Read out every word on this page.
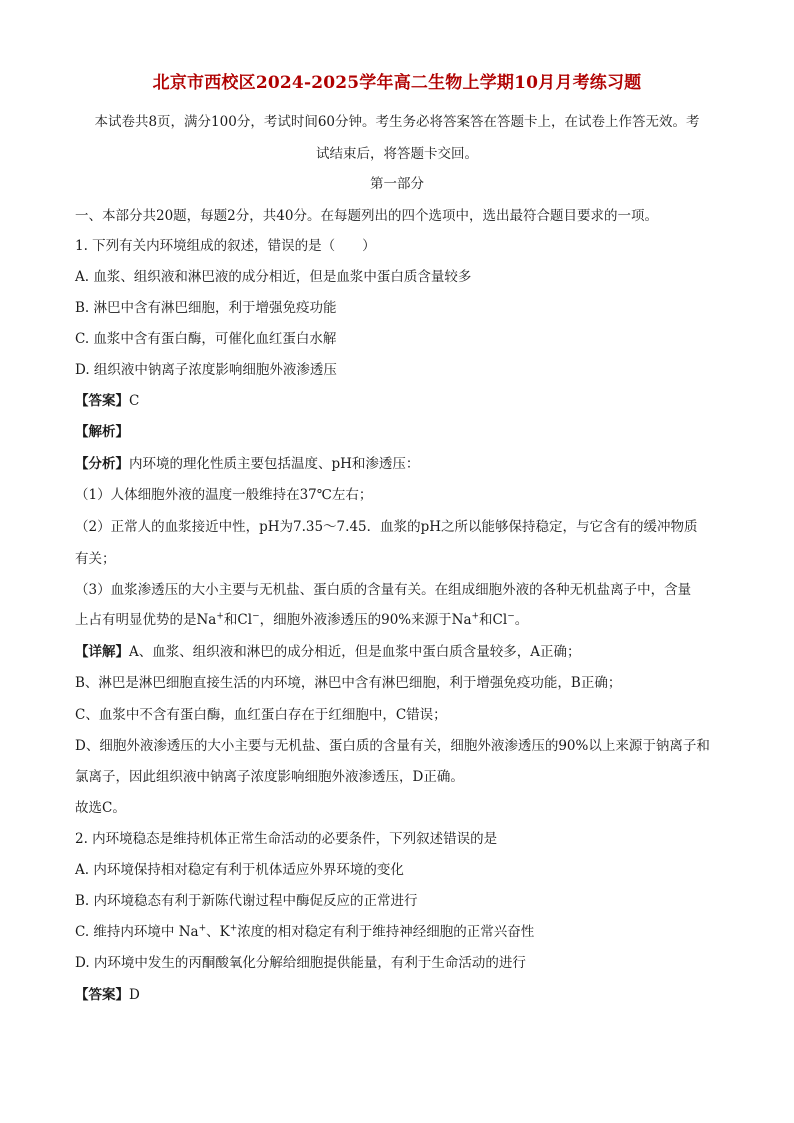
北京市西校区2024-2025学年高二生物上学期10月月考练习题
本试卷共8页，满分100分，考试时间60分钟。考生务必将答案答在答题卡上，在试卷上作答无效。考
试结束后，将答题卡交回。
第一部分
一、本部分共20题，每题2分，共40分。在每题列出的四个选项中，选出最符合题目要求的一项。
1. 下列有关内环境组成的叙述，错误的是（　　）
A. 血浆、组织液和淋巴液的成分相近，但是血浆中蛋白质含量较多
B. 淋巴中含有淋巴细胞，利于增强免疫功能
C. 血浆中含有蛋白酶，可催化血红蛋白水解
D. 组织液中钠离子浓度影响细胞外液渗透压
【答案】C
【解析】
【分析】内环境的理化性质主要包括温度、pH和渗透压：
（1）人体细胞外液的温度一般维持在37℃左右；
（2）正常人的血浆接近中性，pH为7.35～7.45．血浆的pH之所以能够保持稳定，与它含有的缓冲物质
有关；
（3）血浆渗透压的大小主要与无机盐、蛋白质的含量有关。在组成细胞外液的各种无机盐离子中，含量
上占有明显优势的是Na+和Cl−，细胞外液渗透压的90%来源于Na+和Cl−。
【详解】A、血浆、组织液和淋巴的成分相近，但是血浆中蛋白质含量较多，A正确；
B、淋巴是淋巴细胞直接生活的内环境，淋巴中含有淋巴细胞，利于增强免疫功能，B正确；
C、血浆中不含有蛋白酶，血红蛋白存在于红细胞中，C错误；
D、细胞外液渗透压的大小主要与无机盐、蛋白质的含量有关，细胞外液渗透压的90%以上来源于钠离子和
氯离子，因此组织液中钠离子浓度影响细胞外液渗透压，D正确。
故选C。
2. 内环境稳态是维持机体正常生命活动的必要条件，下列叙述错误的是
A. 内环境保持相对稳定有利于机体适应外界环境的变化
B. 内环境稳态有利于新陈代谢过程中酶促反应的正常进行
C. 维持内环境中 Na+、K+浓度的相对稳定有利于维持神经细胞的正常兴奋性
D. 内环境中发生的丙酮酸氧化分解给细胞提供能量，有利于生命活动的进行
【答案】D
